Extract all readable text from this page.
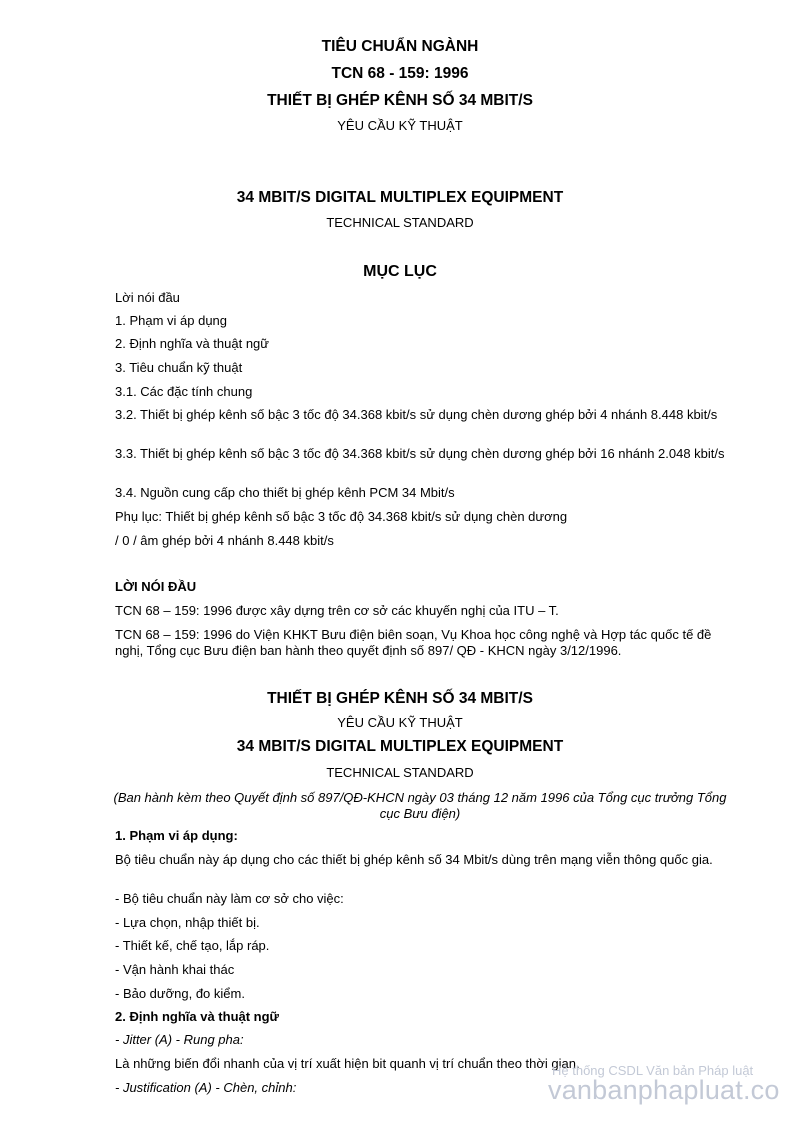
TIÊU CHUẨN NGÀNH
TCN 68 - 159: 1996
THIẾT BỊ GHÉP KÊNH SỐ 34 MBIT/S
YÊU CẦU KỸ THUẬT
34 MBIT/S DIGITAL MULTIPLEX EQUIPMENT
TECHNICAL STANDARD
MỤC LỤC
Lời nói đầu
1. Phạm vi áp dụng
2. Định nghĩa và thuật ngữ
3. Tiêu chuẩn kỹ thuật
3.1. Các đặc tính chung
3.2. Thiết bị ghép kênh số bậc 3 tốc độ 34.368 kbit/s sử dụng chèn dương ghép bởi 4 nhánh 8.448 kbit/s
3.3. Thiết bị ghép kênh số bậc 3 tốc độ 34.368 kbit/s sử dụng chèn dương ghép bởi 16 nhánh 2.048 kbit/s
3.4. Nguồn cung cấp cho thiết bị ghép kênh PCM 34 Mbit/s
Phụ lục: Thiết bị ghép kênh số bậc 3 tốc độ 34.368 kbit/s sử dụng chèn dương
/ 0 / âm ghép bởi 4 nhánh 8.448 kbit/s
LỜI NÓI ĐẦU
TCN 68 – 159: 1996 được xây dựng trên cơ sở các khuyến nghị của ITU – T.
TCN 68 – 159: 1996 do Viện KHKT Bưu điện biên soạn, Vụ Khoa học công nghệ và Hợp tác quốc tế đề nghị, Tổng cục Bưu điện ban hành theo quyết định số 897/ QĐ - KHCN ngày 3/12/1996.
THIẾT BỊ GHÉP KÊNH SỐ 34 MBIT/S
YÊU CẦU KỸ THUẬT
34 MBIT/S DIGITAL MULTIPLEX EQUIPMENT
TECHNICAL STANDARD
(Ban hành kèm theo Quyết định số 897/QĐ-KHCN ngày 03 tháng 12 năm 1996 của Tổng cục trưởng Tổng cục Bưu điện)
1. Phạm vi áp dụng:
Bộ tiêu chuẩn này áp dụng cho các thiết bị ghép kênh số 34 Mbit/s dùng trên mạng viễn thông quốc gia.
- Bộ tiêu chuẩn này làm cơ sở cho việc:
- Lựa chọn, nhập thiết bị.
- Thiết kế, chế tạo, lắp ráp.
- Vận hành khai thác
- Bảo dưỡng, đo kiểm.
2. Định nghĩa và thuật ngữ
- Jitter (A) - Rung pha:
Là những biến đổi nhanh của vị trí xuất hiện bit quanh vị trí chuẩn theo thời gian.
- Justification (A) - Chèn, chỉnh:
Hệ thống CSDL Văn bản Pháp luật
vanbanphapluat.co
